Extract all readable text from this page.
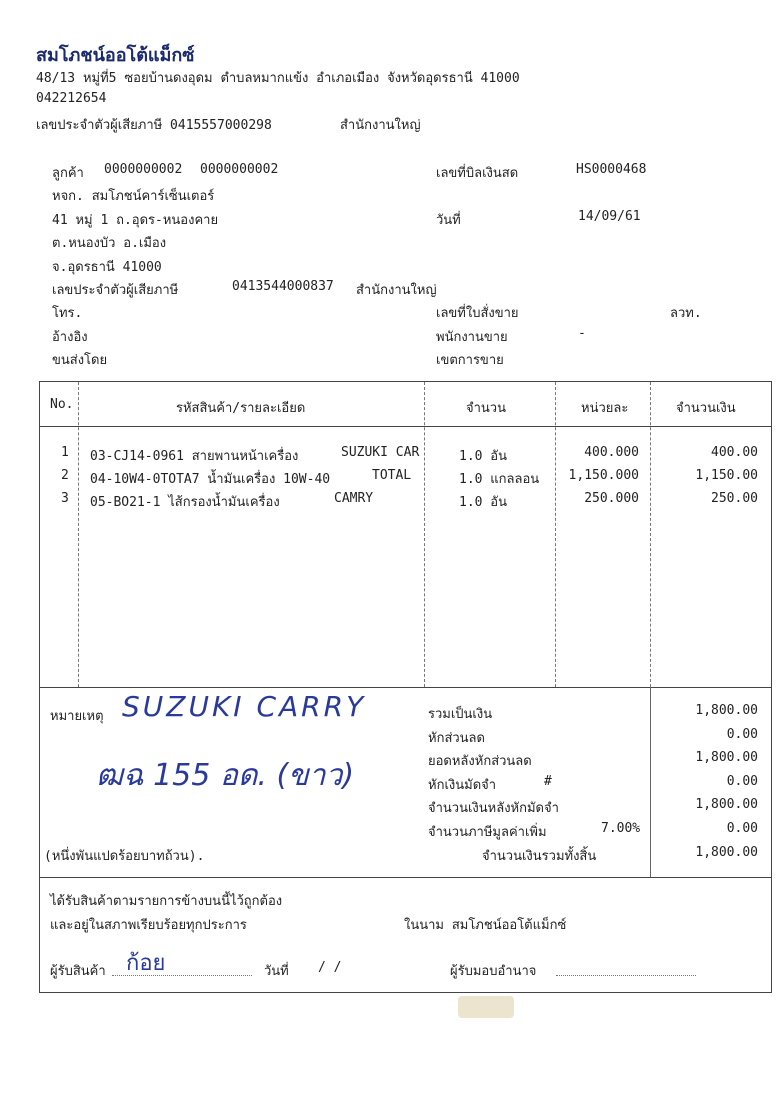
สมโภชน์ออโต้แม็กซ์
48/13 หมู่ที่5 ซอยบ้านดงอุดม ตำบลหมากแข้ง อำเภอเมือง จังหวัดอุดรธานี 41000
042212654
เลขประจำตัวผู้เสียภาษี 0415557000298	สำนักงานใหญ่
ลูกค้า 0000000002 0000000002
หจก. สมโภชน์คาร์เซ็นเตอร์
41 หมู่ 1 ถ.อุดร-หนองคาย
ต.หนองบัว อ.เมือง
จ.อุดรธานี 41000
เลขประจำตัวผู้เสียภาษี	0413544000837 สำนักงานใหญ่
โทร.
อ้างอิง
ขนส่งโดย
เลขที่บิลเงินสด	HS0000468
วันที่	14/09/61
เลขที่ใบสั่งขาย	ลวท.
พนักงานขาย	-
เขตการขาย
No.	รหัสสินค้า/รายละเอียด	จำนวน	หน่วยละ	จำนวนเงิน
1 03-CJ14-0961 สายพานหน้าเครื่อง	SUZUKI CAR	1.0 อัน	400.000	400.00
2 04-10W4-0TOTA7 น้ำมันเครื่อง 10W-40	TOTAL	1.0 แกลลอน 1,150.000	1,150.00
3 05-BO21-1 ไส้กรองน้ำมันเครื่อง	CAMRY	1.0 อัน	250.000	250.00
หมายเหตุ SUZUKI CARRY
ฒฉ 155 อด. (ขาว)
(หนึ่งพันแปดร้อยบาทถ้วน).
รวมเป็นเงิน	1,800.00
หักส่วนลด	0.00
ยอดหลังหักส่วนลด	1,800.00
หักเงินมัดจำ	#	0.00
จำนวนเงินหลังหักมัดจำ	1,800.00
จำนวนภาษีมูลค่าเพิ่ม	7.00%	0.00
จำนวนเงินรวมทั้งสิ้น	1,800.00
ได้รับสินค้าตามรายการข้างบนนี้ไว้ถูกต้อง
และอยู่ในสภาพเรียบร้อยทุกประการ	ในนาม สมโภชน์ออโต้แม็กซ์
ผู้รับสินค้า ก้อย	วันที่ / /	ผู้รับมอบอำนาจ
